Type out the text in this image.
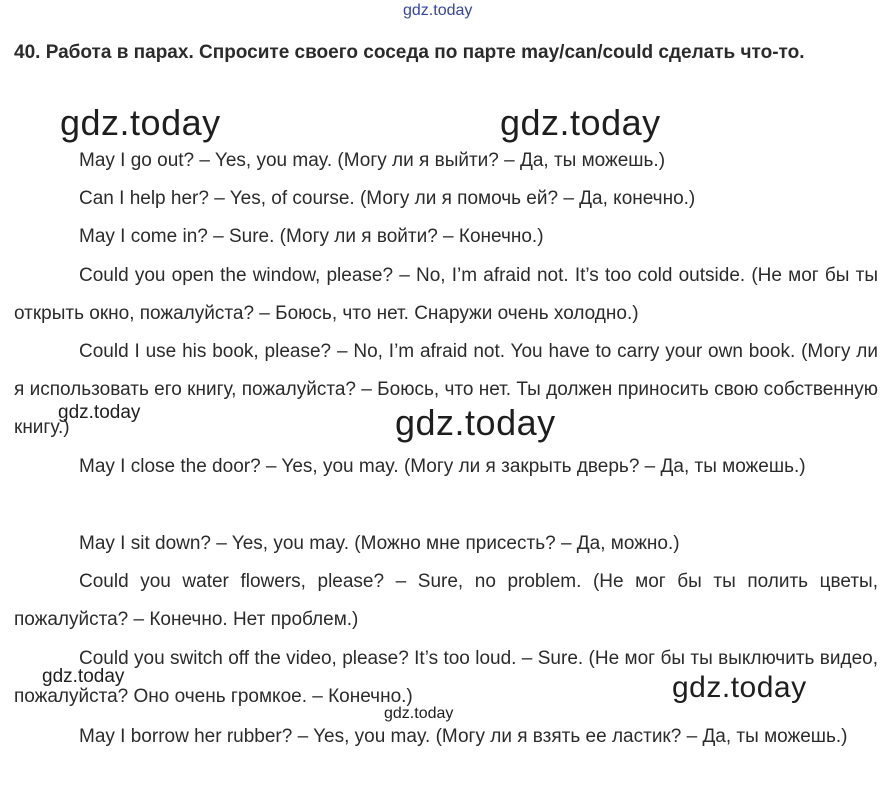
40. Работа в парах. Спросите своего соседа по парте may/can/could сделать что-то.

May I go out? – Yes, you may. (Могу ли я выйти? – Да, ты можешь.)

Can I help her? – Yes, of course. (Могу ли я помочь ей? – Да, конечно.)

May I come in? – Sure. (Могу ли я войти? – Конечно.)

Could you open the window, please? – No, I’m afraid not. It’s too cold outside. (Не мог бы ты открыть окно, пожалуйста? – Боюсь, что нет. Снаружи очень холодно.)

Could I use his book, please? – No, I’m afraid not. You have to carry your own book. (Могу ли я использовать его книгу, пожалуйста? – Боюсь, что нет. Ты должен приносить свою собственную книгу.)

May I close the door? – Yes, you may. (Могу ли я закрыть дверь? – Да, ты можешь.)

May I sit down? – Yes, you may. (Можно мне присесть? – Да, можно.)

Could you water flowers, please? – Sure, no problem. (Не мог бы ты полить цветы, пожалуйста? – Конечно. Нет проблем.)

Could you switch off the video, please? It’s too loud. – Sure. (Не мог бы ты выключить видео, пожалуйста? Оно очень громкое. – Конечно.)

May I borrow her rubber? – Yes, you may. (Могу ли я взять ее ластик? – Да, ты можешь.)

gdz.today
gdz.today	gdz.today
gdz.today	gdz.today
gdz.today	gdz.today
gdz.today
